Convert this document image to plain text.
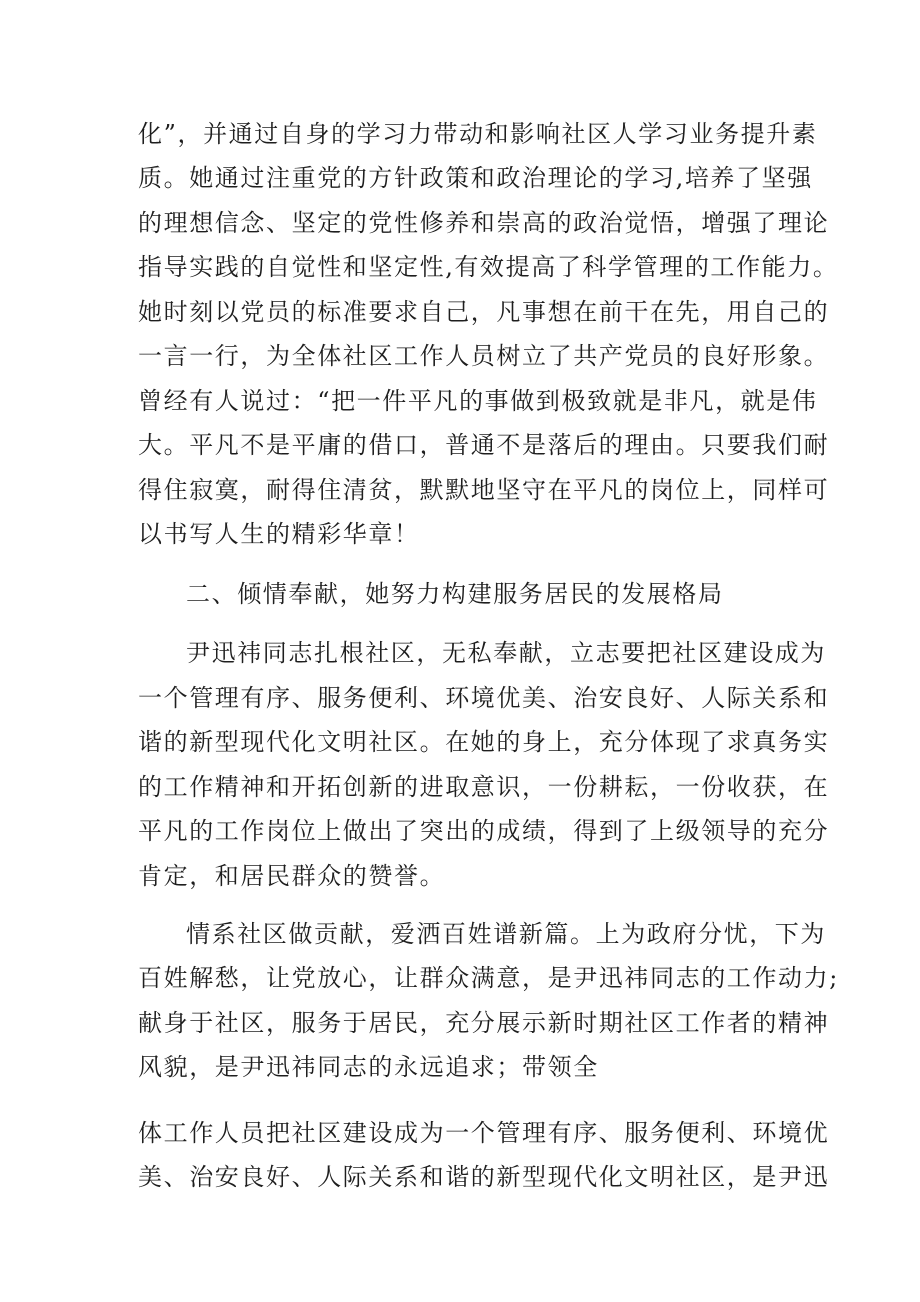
化”，并通过自身的学习力带动和影响社区人学习业务提升素
质。她通过注重党的方针政策和政治理论的学习,培养了坚强
的理想信念、坚定的党性修养和崇高的政治觉悟，增强了理论
指导实践的自觉性和坚定性,有效提高了科学管理的工作能力。
她时刻以党员的标准要求自己，凡事想在前干在先，用自己的
一言一行，为全体社区工作人员树立了共产党员的良好形象。
曾经有人说过：“把一件平凡的事做到极致就是非凡，就是伟
大。平凡不是平庸的借口，普通不是落后的理由。只要我们耐
得住寂寞，耐得住清贫，默默地坚守在平凡的岗位上，同样可
以书写人生的精彩华章！
二、倾情奉献，她努力构建服务居民的发展格局
尹迅祎同志扎根社区，无私奉献，立志要把社区建设成为
一个管理有序、服务便利、环境优美、治安良好、人际关系和
谐的新型现代化文明社区。在她的身上，充分体现了求真务实
的工作精神和开拓创新的进取意识，一份耕耘，一份收获，在
平凡的工作岗位上做出了突出的成绩，得到了上级领导的充分
肯定，和居民群众的赞誉。
情系社区做贡献，爱洒百姓谱新篇。上为政府分忧，下为
百姓解愁，让党放心，让群众满意，是尹迅祎同志的工作动力;
献身于社区，服务于居民，充分展示新时期社区工作者的精神
风貌，是尹迅祎同志的永远追求；带领全
体工作人员把社区建设成为一个管理有序、服务便利、环境优
美、治安良好、人际关系和谐的新型现代化文明社区，是尹迅
